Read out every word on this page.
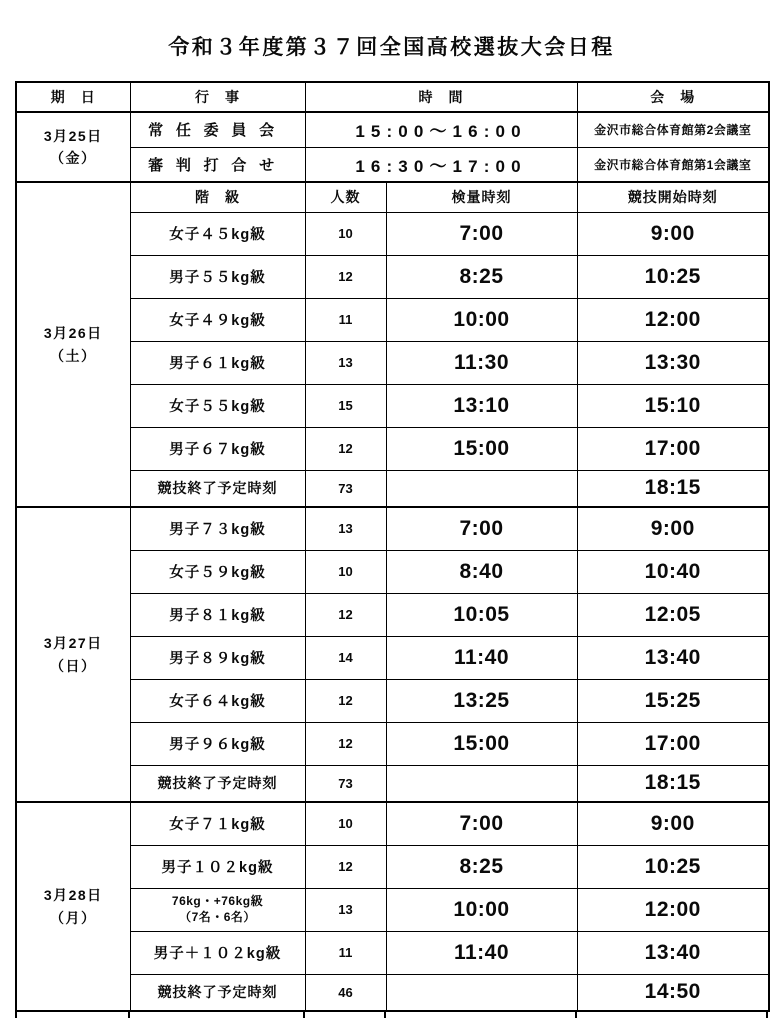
令和３年度第３７回全国高校選抜大会日程
期　日	行　事	時　間		会　場

3月25日
（金）	常任委員会	15:00～16:00		金沢市総合体育館第2会議室
	審判打合せ	16:30～17:00		金沢市総合体育館第1会議室

3月26日
（土）	階　級	人数	検量時刻	競技開始時刻
	女子４５kg級	10	7:00	9:00
	男子５５kg級	12	8:25	10:25
	女子４９kg級	11	10:00	12:00
	男子６１kg級	13	11:30	13:30
	女子５５kg級	15	13:10	15:10
	男子６７kg級	12	15:00	17:00
	競技終了予定時刻	73		18:15

3月27日
（日）	男子７３kg級	13	7:00	9:00
	女子５９kg級	10	8:40	10:40
	男子８１kg級	12	10:05	12:05
	男子８９kg級	14	11:40	13:40
	女子６４kg級	12	13:25	15:25
	男子９６kg級	12	15:00	17:00
	競技終了予定時刻	73		18:15

3月28日
（月）	女子７１kg級	10	7:00	9:00
	男子１０２kg級	12	8:25	10:25

	76kg・+76kg級
（7名・6名）	13	10:00	12:00
	男子＋１０２kg級	11	11:40	13:40
	競技終了予定時刻	46		14:50
